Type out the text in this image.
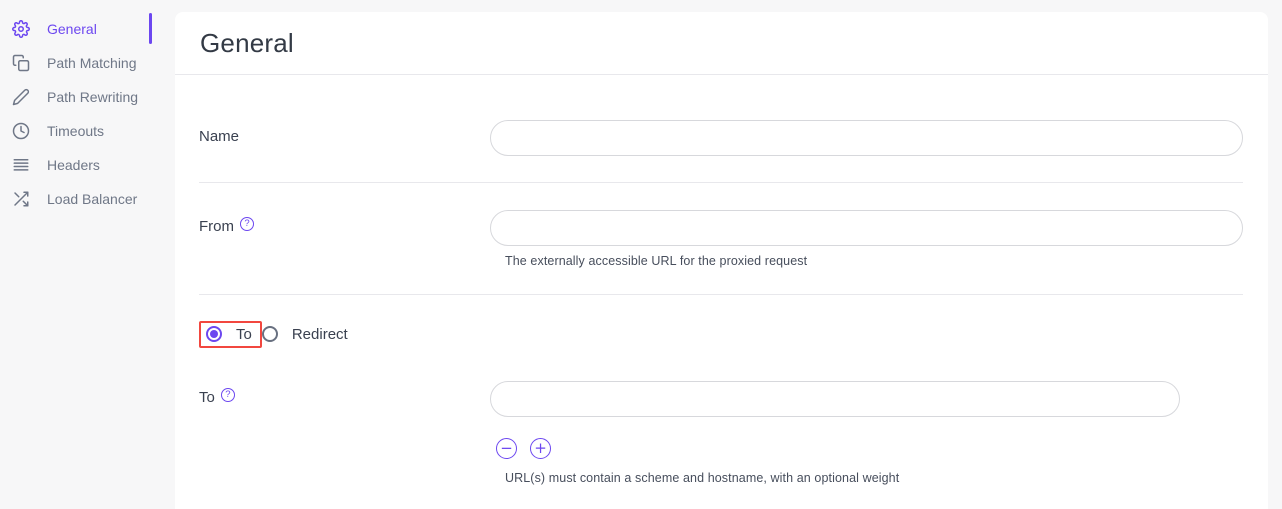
General
Path Matching
Path Rewriting
Timeouts
Headers
Load Balancer
General
Name
From ?
The externally accessible URL for the proxied request
To	Redirect
To ?
− +
URL(s) must contain a scheme and hostname, with an optional weight
